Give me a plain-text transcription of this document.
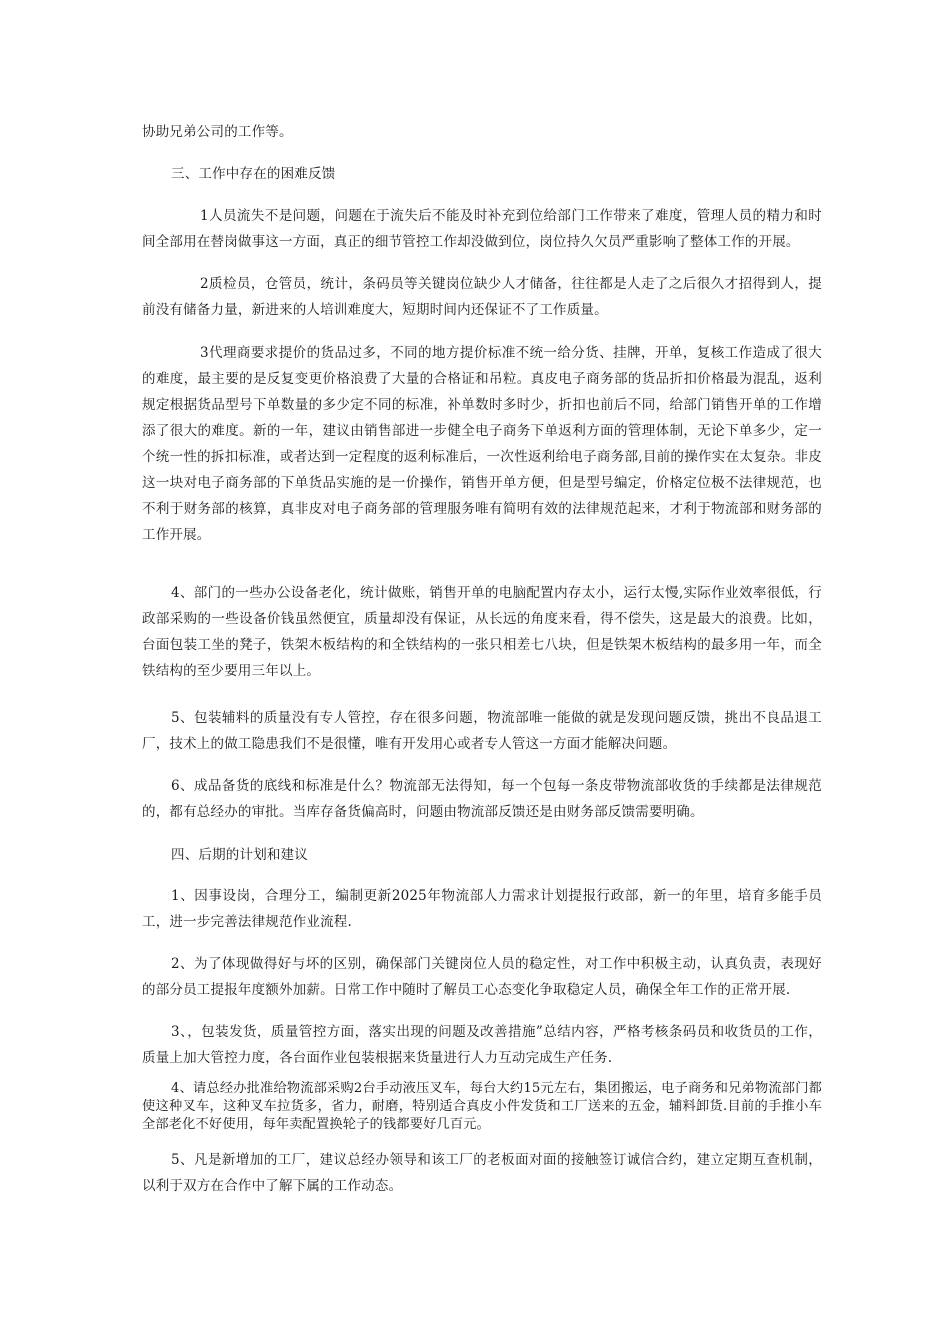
协助兄弟公司的工作等。

三、工作中存在的困难反馈

1人员流失不是问题，问题在于流失后不能及时补充到位给部门工作带来了难度，管理人员的精力和时间全部用在替岗做事这一方面，真正的细节管控工作却没做到位，岗位持久欠员严重影响了整体工作的开展。

2质检员，仓管员，统计，条码员等关键岗位缺少人才储备，往往都是人走了之后很久才招得到人，提前没有储备力量，新进来的人培训难度大，短期时间内还保证不了工作质量。

3代理商要求提价的货品过多，不同的地方提价标准不统一给分货、挂牌，开单，复核工作造成了很大的难度，最主要的是反复变更价格浪费了大量的合格证和吊粒。真皮电子商务部的货品折扣价格最为混乱，返利规定根据货品型号下单数量的多少定不同的标准，补单数时多时少，折扣也前后不同，给部门销售开单的工作增添了很大的难度。新的一年，建议由销售部进一步健全电子商务下单返利方面的管理体制，无论下单多少，定一个统一性的拆扣标准，或者达到一定程度的返利标准后，一次性返利给电子商务部,目前的操作实在太复杂。非皮这一块对电子商务部的下单货品实施的是一价操作，销售开单方便，但是型号编定，价格定位极不法律规范，也不利于财务部的核算，真非皮对电子商务部的管理服务唯有简明有效的法律规范起来，才利于物流部和财务部的工作开展。

4、部门的一些办公设备老化，统计做账，销售开单的电脑配置内存太小，运行太慢,实际作业效率很低，行政部采购的一些设备价钱虽然便宜，质量却没有保证，从长远的角度来看，得不偿失，这是最大的浪费。比如，台面包装工坐的凳子，铁架木板结构的和全铁结构的一张只相差七八块，但是铁架木板结构的最多用一年，而全铁结构的至少要用三年以上。

5、包装辅料的质量没有专人管控，存在很多问题，物流部唯一能做的就是发现问题反馈，挑出不良品退工厂，技术上的做工隐患我们不是很懂，唯有开发用心或者专人管这一方面才能解决问题。

6、成品备货的底线和标准是什么？物流部无法得知，每一个包每一条皮带物流部收货的手续都是法律规范的，都有总经办的审批。当库存备货偏高时，问题由物流部反馈还是由财务部反馈需要明确。

四、后期的计划和建议

1、因事设岗，合理分工，编制更新2025年物流部人力需求计划提报行政部，新一的年里，培育多能手员工，进一步完善法律规范作业流程.

2、为了体现做得好与坏的区别，确保部门关键岗位人员的稳定性，对工作中积极主动，认真负责，表现好的部分员工提报年度额外加薪。日常工作中随时了解员工心态变化争取稳定人员，确保全年工作的正常开展.

3、，包装发货，质量管控方面，落实出现的问题及改善措施”总结内容，严格考核条码员和收货员的工作，质量上加大管控力度，各台面作业包装根据来货量进行人力互动完成生产任务.

4、请总经办批准给物流部采购2台手动液压叉车，每台大约15元左右，集团搬运，电子商务和兄弟物流部门都使这种叉车，这种叉车拉货多，省力，耐磨，特别适合真皮小件发货和工厂送来的五金，辅料卸货.目前的手推小车全部老化不好使用，每年卖配置换轮子的钱都要好几百元。

5、凡是新增加的工厂，建议总经办领导和该工厂的老板面对面的接触签订诚信合约，建立定期互查机制，以利于双方在合作中了解下属的工作动态。
